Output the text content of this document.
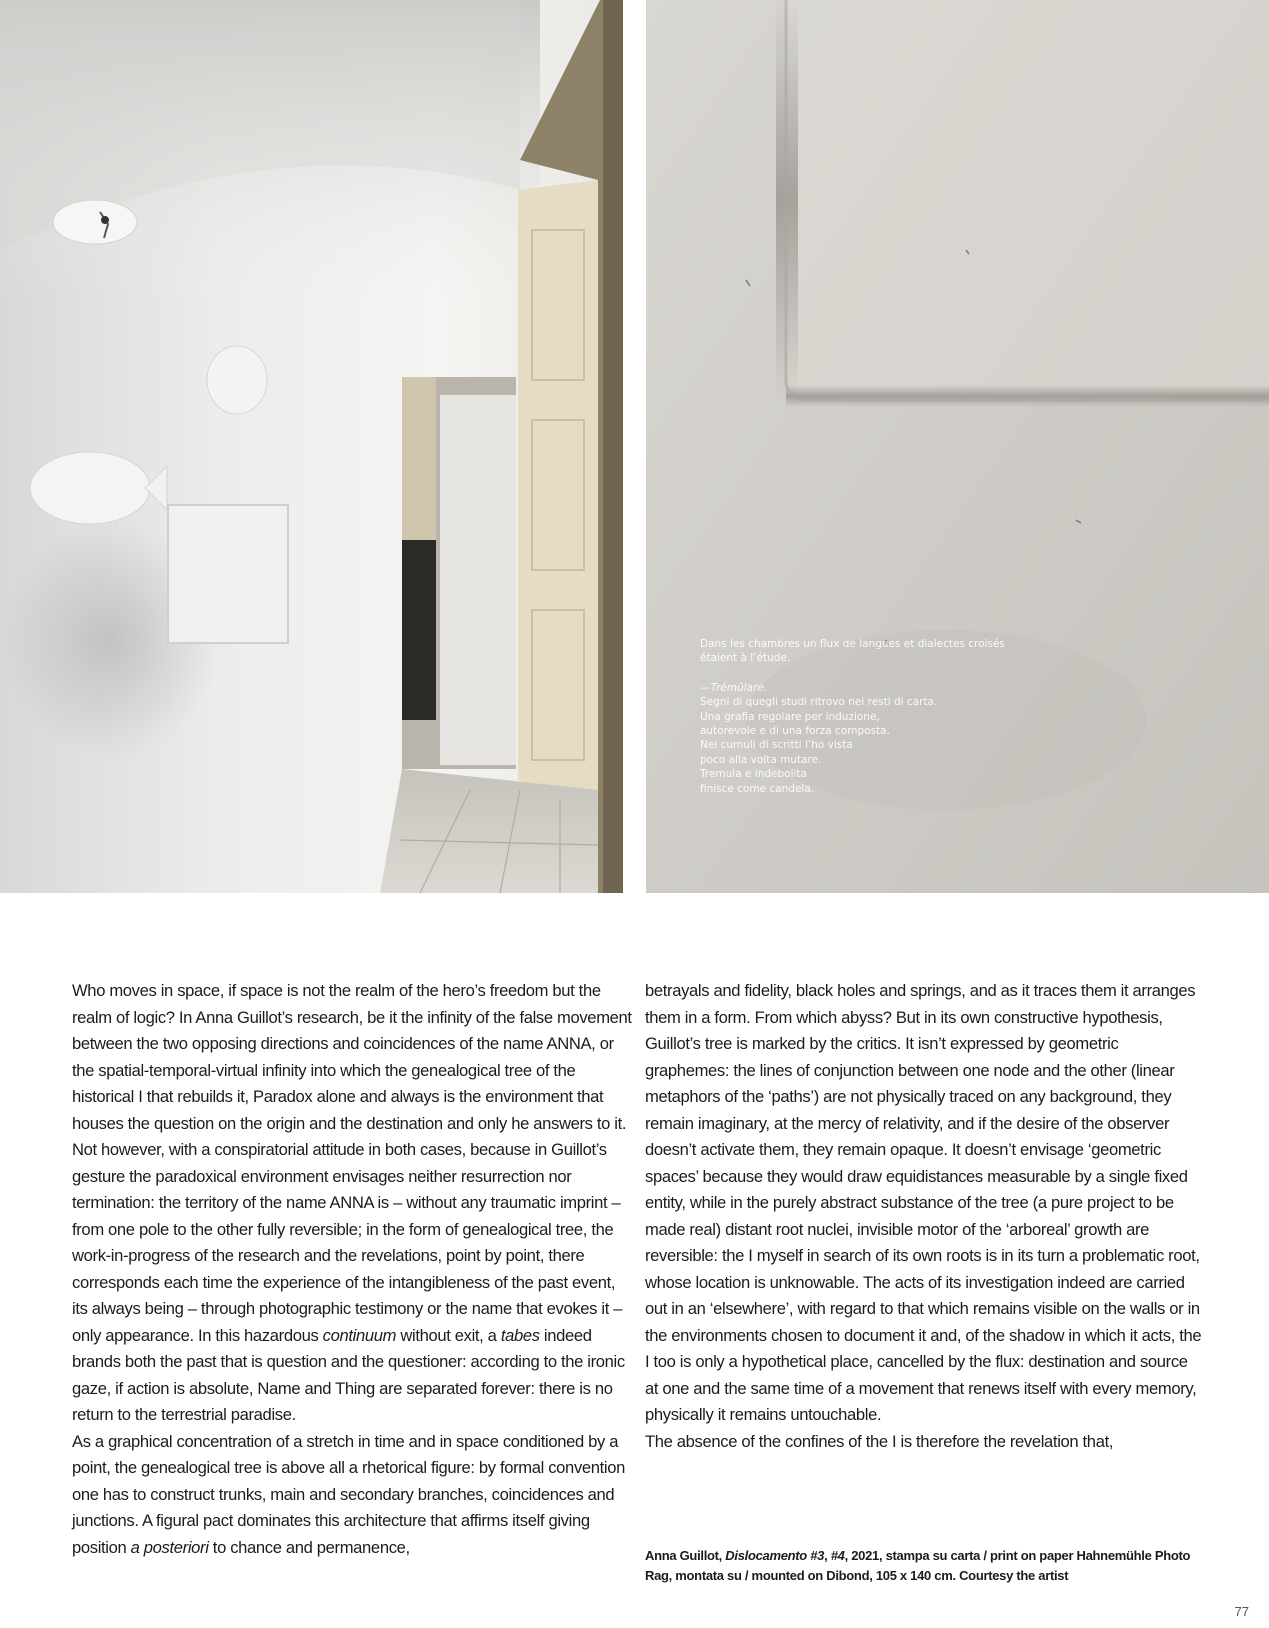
Dans les chambres un flux de langues et dialectes croisés

étaient à l’étude.

—Trĕmŭlare.

Segni di quegli studi ritrovo nei resti di carta.

Una grafia regolare per induzione,

autorevole e di una forza composta.

Nei cumuli di scritti l’ho vista

poco alla volta mutare.

Tremula e indebolita

finisce come candela.

Who moves in space, if space is not the realm of the hero’s freedom but the realm of logic? In Anna Guillot’s research, be it the infinity of the false movement between the two opposing directions and coincidences of the name ANNA, or the spatial-temporal-virtual infinity into which the genealogical tree of the historical I that rebuilds it, Paradox alone and always is the environment that houses the question on the origin and the destination and only he answers to it. Not however, with a conspiratorial attitude in both cases, because in Guillot’s gesture the paradoxical environment envisages neither resurrection nor termination: the territory of the name ANNA is – without any traumatic imprint – from one pole to the other fully reversible; in the form of genealogical tree, the work-in-progress of the research and the revelations, point by point, there corresponds each time the experience of the intangibleness of the past event, its always being – through photographic testimony or the name that evokes it – only appearance. In this hazardous continuum without exit, a tabes indeed brands both the past that is question and the questioner: according to the ironic gaze, if action is absolute, Name and Thing are separated forever: there is no return to the terrestrial paradise.

As a graphical concentration of a stretch in time and in space conditioned by a point, the genealogical tree is above all a rhetorical figure: by formal convention one has to construct trunks, main and secondary branches, coincidences and junctions. A figural pact dominates this architecture that affirms itself giving position a posteriori to chance and permanence,

betrayals and fidelity, black holes and springs, and as it traces them it arranges them in a form. From which abyss? But in its own constructive hypothesis, Guillot’s tree is marked by the critics. It isn’t expressed by geometric graphemes: the lines of conjunction between one node and the other (linear metaphors of the ‘paths’) are not physically traced on any background, they remain imaginary, at the mercy of relativity, and if the desire of the observer doesn’t activate them, they remain opaque. It doesn’t envisage ‘geometric spaces’ because they would draw equidistances measurable by a single fixed entity, while in the purely abstract substance of the tree (a pure project to be made real) distant root nuclei, invisible motor of the ‘arboreal’ growth are reversible: the I myself in search of its own roots is in its turn a problematic root, whose location is unknowable. The acts of its investigation indeed are carried out in an ‘elsewhere’, with regard to that which remains visible on the walls or in the environments chosen to document it and, of the shadow in which it acts, the I too is only a hypothetical place, cancelled by the flux: destination and source at one and the same time of a movement that renews itself with every memory, physically it remains untouchable.

The absence of the confines of the I is therefore the revelation that,

Anna Guillot, Dislocamento #3, #4, 2021, stampa su carta / print on paper Hahnemühle Photo Rag, montata su / mounted on Dibond, 105 x 140 cm. Courtesy the artist
77
